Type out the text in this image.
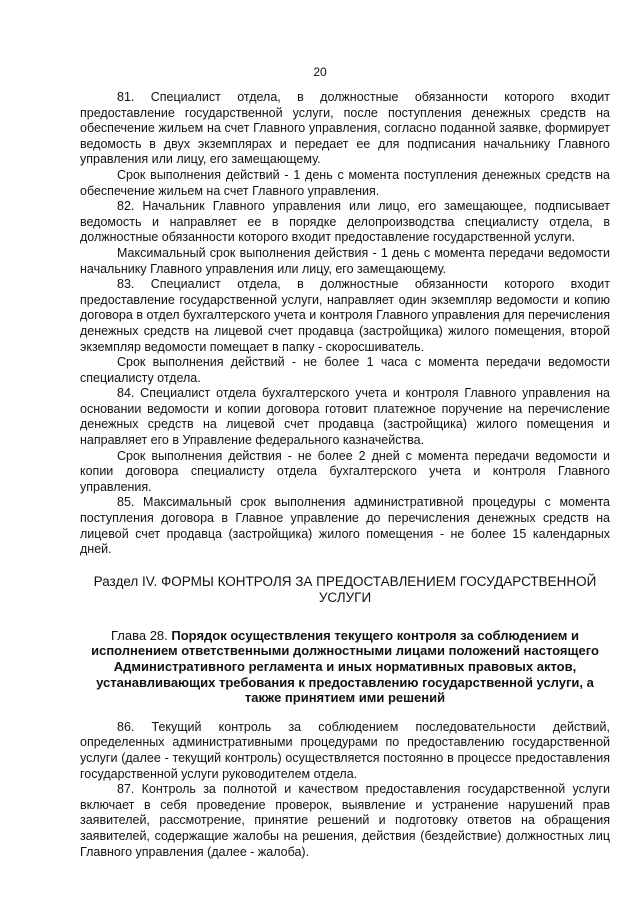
20

81. Специалист отдела, в должностные обязанности которого входит предоставление государственной услуги, после поступления денежных средств на обеспечение жильем на счет Главного управления, согласно поданной заявке, формирует ведомость в двух экземплярах и передает ее для подписания начальнику Главного управления или лицу, его замещающему.

Срок выполнения действий - 1 день с момента поступления денежных средств на обеспечение жильем на счет Главного управления.

82. Начальник Главного управления или лицо, его замещающее, подписывает ведомость и направляет ее в порядке делопроизводства специалисту отдела, в должностные обязанности которого входит предоставление государственной услуги.

Максимальный срок выполнения действия - 1 день с момента передачи ведомости начальнику Главного управления или лицу, его замещающему.

83. Специалист отдела, в должностные обязанности которого входит предоставление государственной услуги, направляет один экземпляр ведомости и копию договора в отдел бухгалтерского учета и контроля Главного управления для перечисления денежных средств на лицевой счет продавца (застройщика) жилого помещения, второй экземпляр ведомости помещает в папку - скоросшиватель.

Срок выполнения действий - не более 1 часа с момента передачи ведомости специалисту отдела.

84. Специалист отдела бухгалтерского учета и контроля Главного управления на основании ведомости и копии договора готовит платежное поручение на перечисление денежных средств на лицевой счет продавца (застройщика) жилого помещения и направляет его в Управление федерального казначейства.

Срок выполнения действия - не более 2 дней с момента передачи ведомости и копии договора специалисту отдела бухгалтерского учета и контроля Главного управления.

85. Максимальный срок выполнения административной процедуры с момента поступления договора в Главное управление до перечисления денежных средств на лицевой счет продавца (застройщика) жилого помещения - не более 15 календарных дней.

Раздел IV. ФОРМЫ КОНТРОЛЯ ЗА ПРЕДОСТАВЛЕНИЕМ ГОСУДАРСТВЕННОЙ УСЛУГИ
Глава 28. Порядок осуществления текущего контроля за соблюдением и исполнением ответственными должностными лицами положений настоящего Административного регламента и иных нормативных правовых актов, устанавливающих требования к предоставлению государственной услуги, а также принятием ими решений

86. Текущий контроль за соблюдением последовательности действий, определенных административными процедурами по предоставлению государственной услуги (далее - текущий контроль) осуществляется постоянно в процессе предоставления государственной услуги руководителем отдела.

87. Контроль за полнотой и качеством предоставления государственной услуги включает в себя проведение проверок, выявление и устранение нарушений прав заявителей, рассмотрение, принятие решений и подготовку ответов на обращения заявителей, содержащие жалобы на решения, действия (бездействие) должностных лиц Главного управления (далее - жалоба).
